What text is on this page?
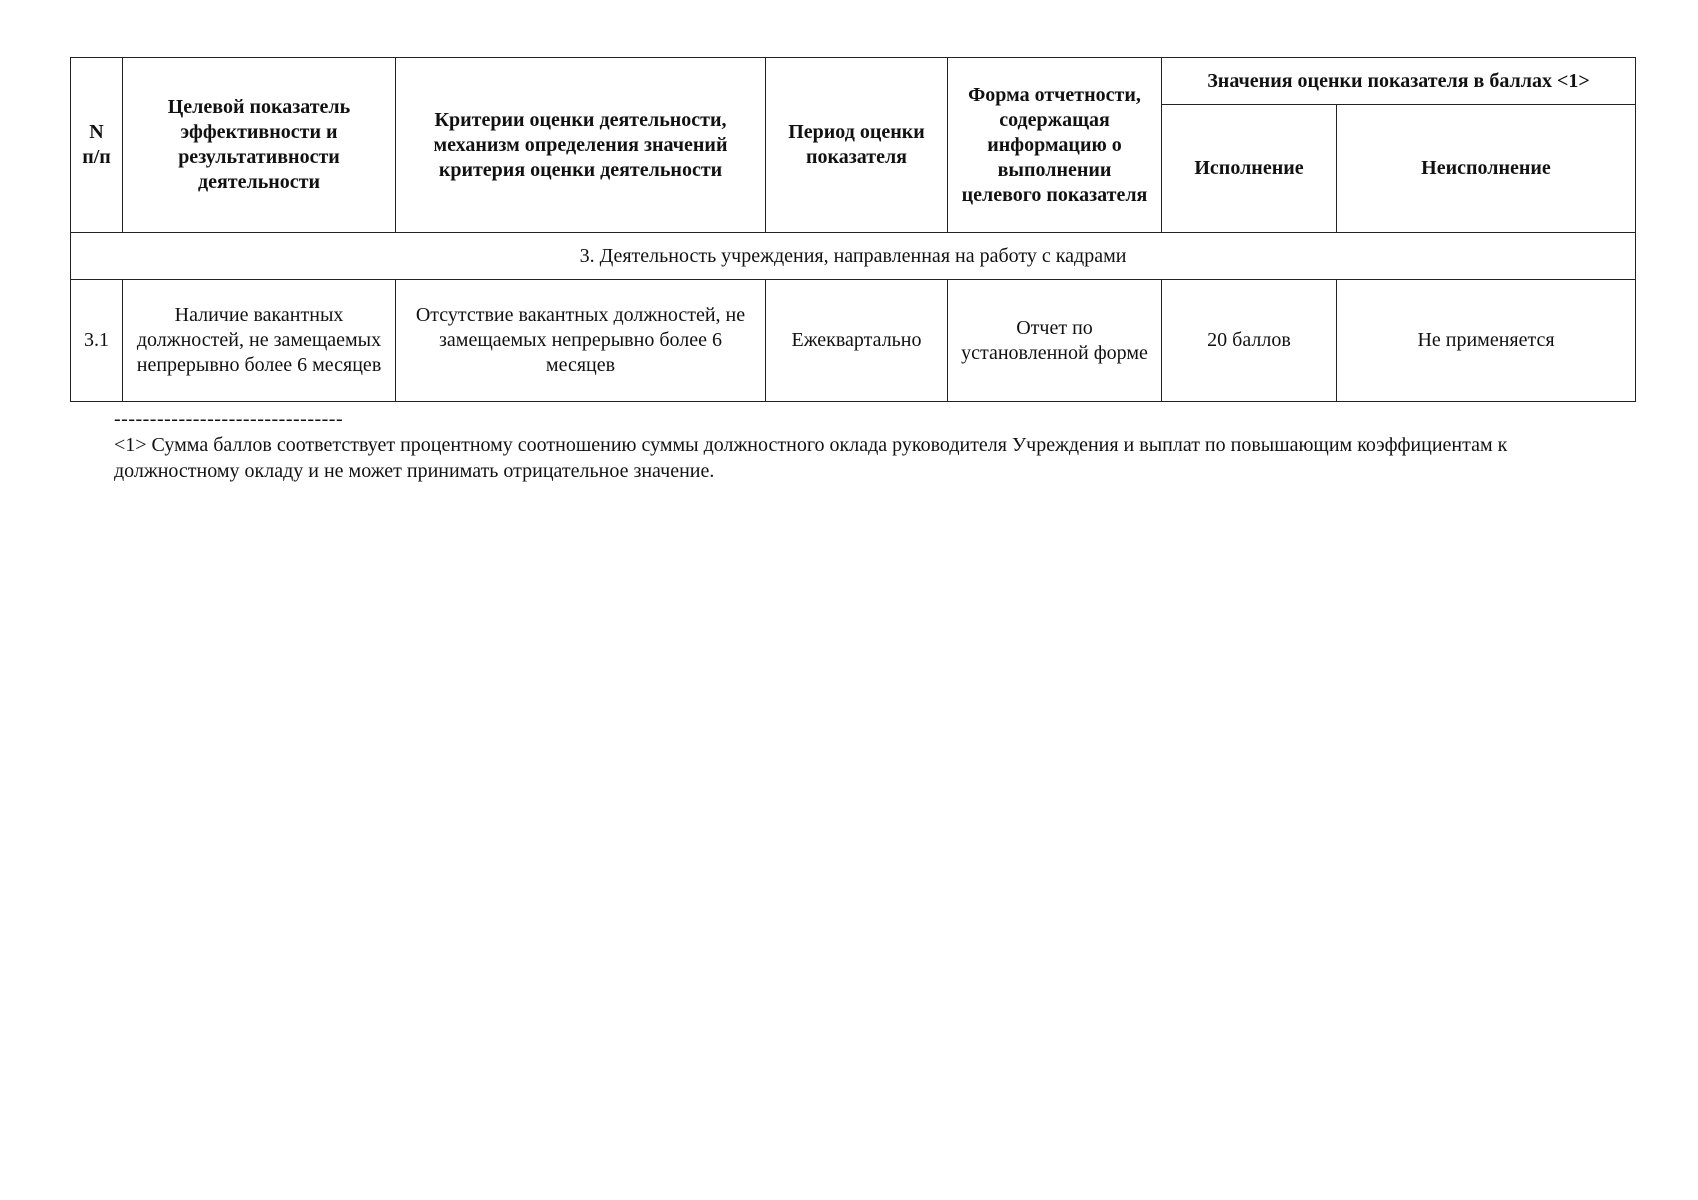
N п/п	Целевой показатель эффективности и результативности деятельности	Критерии оценки деятельности, механизм определения значений критерия оценки деятельности	Период оценки показателя	Форма отчетности, содержащая информацию о выполнении целевого показателя	Значения оценки показателя в баллах <1>	
					Исполнение	Неисполнение
3. Деятельность учреждения, направленная на работу с кадрами						
3.1	Наличие вакантных должностей, не замещаемых непрерывно более 6 месяцев	Отсутствие вакантных должностей, не замещаемых непрерывно более 6 месяцев	Ежеквартально	Отчет по установленной форме	20 баллов	Не применяется
--------------------------------
<1> Сумма баллов соответствует процентному соотношению суммы должностного оклада руководителя Учреждения и выплат по повышающим коэффициентам к должностному окладу и не может принимать отрицательное значение.
